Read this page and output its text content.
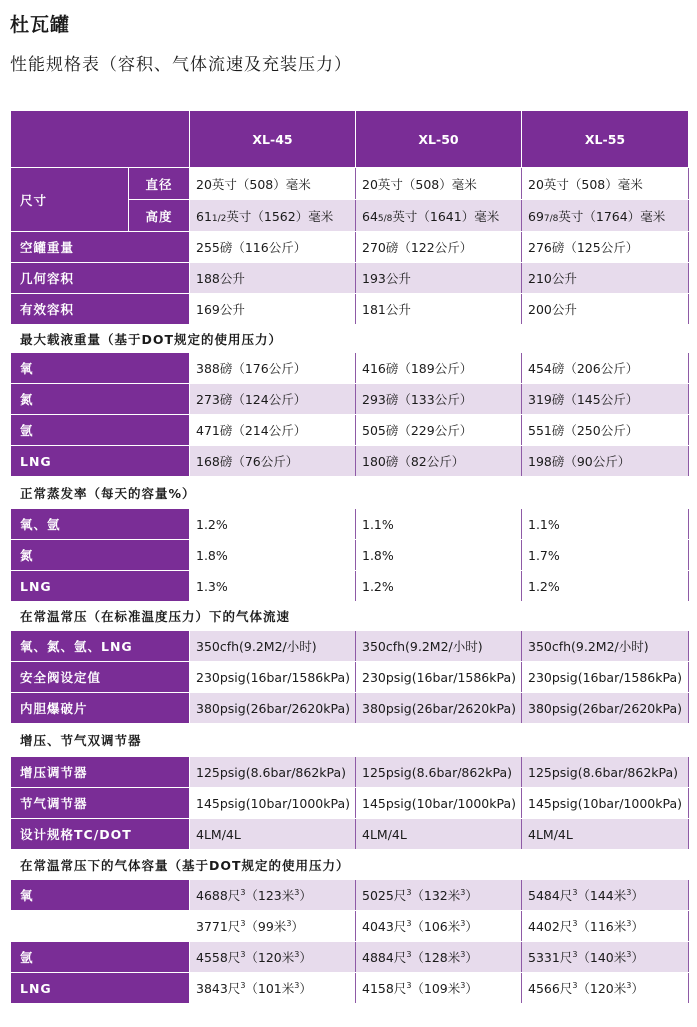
杜瓦罐
性能规格表（容积、气体流速及充装压力）
		XL-45	XL-50	XL-55
尺寸	直径	20英寸（508）毫米	20英寸（508）毫米	20英寸（508）毫米
	高度	611/2英寸（1562）毫米	645/8英寸（1641）毫米	697/8英寸（1764）毫米
空罐重量		255磅（116公斤）	270磅（122公斤）	276磅（125公斤）
几何容积		188公升	193公升	210公升
有效容积		169公升	181公升	200公升
最大载液重量（基于DOT规定的使用压力）				
氧		388磅（176公斤）	416磅（189公斤）	454磅（206公斤）
氮		273磅（124公斤）	293磅（133公斤）	319磅（145公斤）
氩		471磅（214公斤）	505磅（229公斤）	551磅（250公斤）
LNG		168磅（76公斤）	180磅（82公斤）	198磅（90公斤）
正常蒸发率（每天的容量%）				
氧、氩		1.2%	1.1%	1.1%
氮		1.8%	1.8%	1.7%
LNG		1.3%	1.2%	1.2%
在常温常压（在标准温度压力）下的气体流速				
氧、氮、氩、LNG		350cfh(9.2M2/小时)	350cfh(9.2M2/小时)	350cfh(9.2M2/小时)
安全阀设定值		230psig(16bar/1586kPa)	230psig(16bar/1586kPa)	230psig(16bar/1586kPa)
内胆爆破片		380psig(26bar/2620kPa)	380psig(26bar/2620kPa)	380psig(26bar/2620kPa)
增压、节气双调节器				
增压调节器		125psig(8.6bar/862kPa)	125psig(8.6bar/862kPa)	125psig(8.6bar/862kPa)
节气调节器		145psig(10bar/1000kPa)	145psig(10bar/1000kPa)	145psig(10bar/1000kPa)
设计规格TC/DOT		4LM/4L	4LM/4L	4LM/4L
在常温常压下的气体容量（基于DOT规定的使用压力）				
氧		4688尺$^3$（123米$^3$）	5025尺$^3$（132米$^3$）	5484尺$^3$（144米$^3$）
		3771尺$^3$（99米$^3$）	4043尺$^3$（106米$^3$）	4402尺$^3$（116米$^3$）
氩		4558尺$^3$（120米$^3$）	4884尺$^3$（128米$^3$）	5331尺$^3$（140米$^3$）
LNG		3843尺$^3$（101米$^3$）	4158尺$^3$（109米$^3$）	4566尺$^3$（120米$^3$）
